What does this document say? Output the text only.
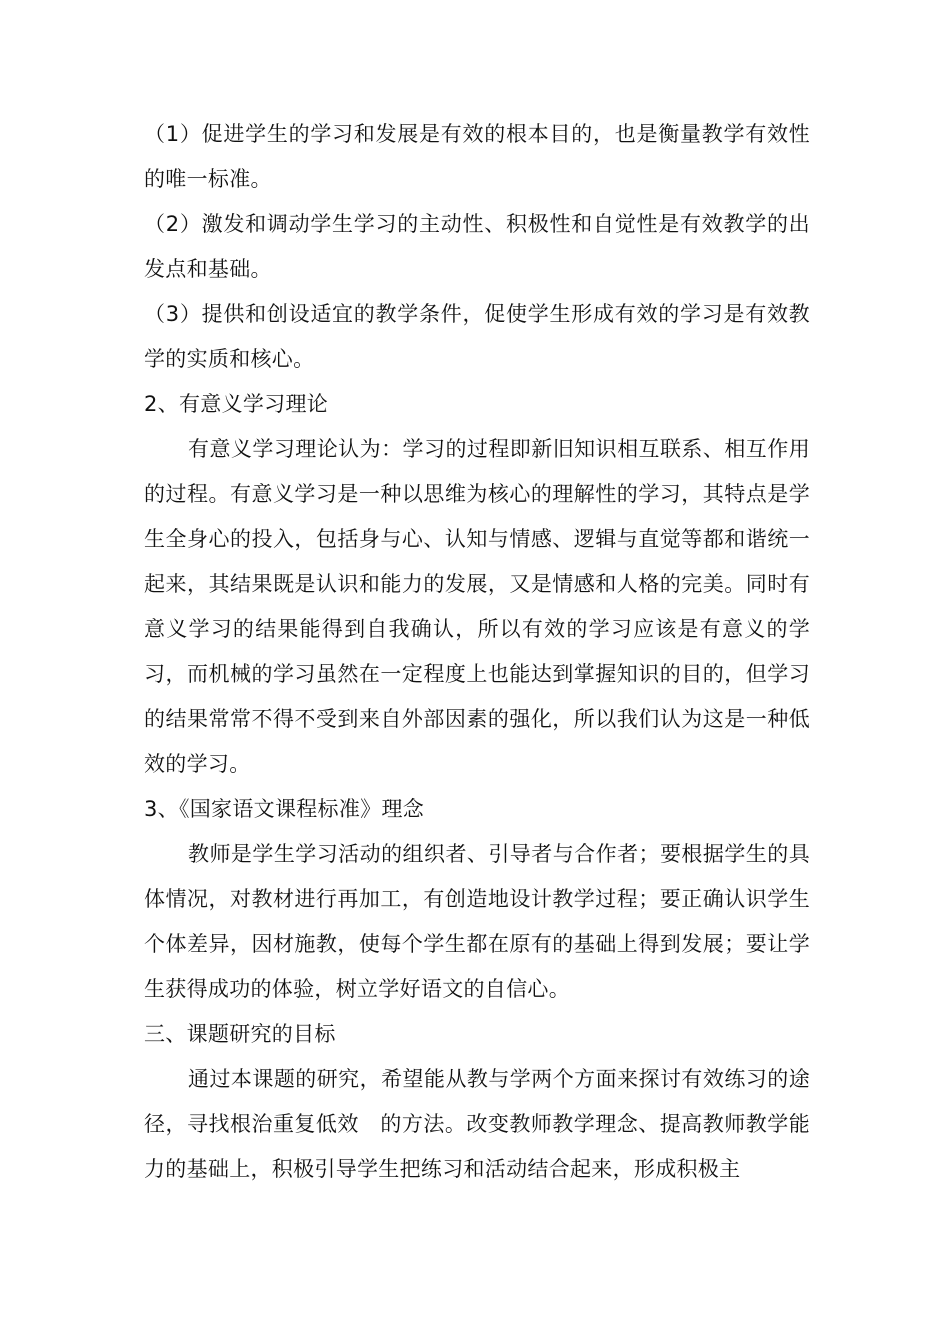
（1）促进学生的学习和发展是有效的根本目的，也是衡量教学有效性的唯一标准。

（2）激发和调动学生学习的主动性、积极性和自觉性是有效教学的出发点和基础。

（3）提供和创设适宜的教学条件，促使学生形成有效的学习是有效教学的实质和核心。

2、有意义学习理论

有意义学习理论认为：学习的过程即新旧知识相互联系、相互作用的过程。有意义学习是一种以思维为核心的理解性的学习，其特点是学生全身心的投入，包括身与心、认知与情感、逻辑与直觉等都和谐统一起来，其结果既是认识和能力的发展，又是情感和人格的完美。同时有意义学习的结果能得到自我确认，所以有效的学习应该是有意义的学习，而机械的学习虽然在一定程度上也能达到掌握知识的目的，但学习的结果常常不得不受到来自外部因素的强化，所以我们认为这是一种低效的学习。

3、《国家语文课程标准》理念

教师是学生学习活动的组织者、引导者与合作者；要根据学生的具体情况，对教材进行再加工，有创造地设计教学过程；要正确认识学生个体差异，因材施教，使每个学生都在原有的基础上得到发展；要让学生获得成功的体验，树立学好语文的自信心。

三、课题研究的目标

通过本课题的研究，希望能从教与学两个方面来探讨有效练习的途径，寻找根治重复低效　的方法。改变教师教学理念、提高教师教学能力的基础上，积极引导学生把练习和活动结合起来，形成积极主
